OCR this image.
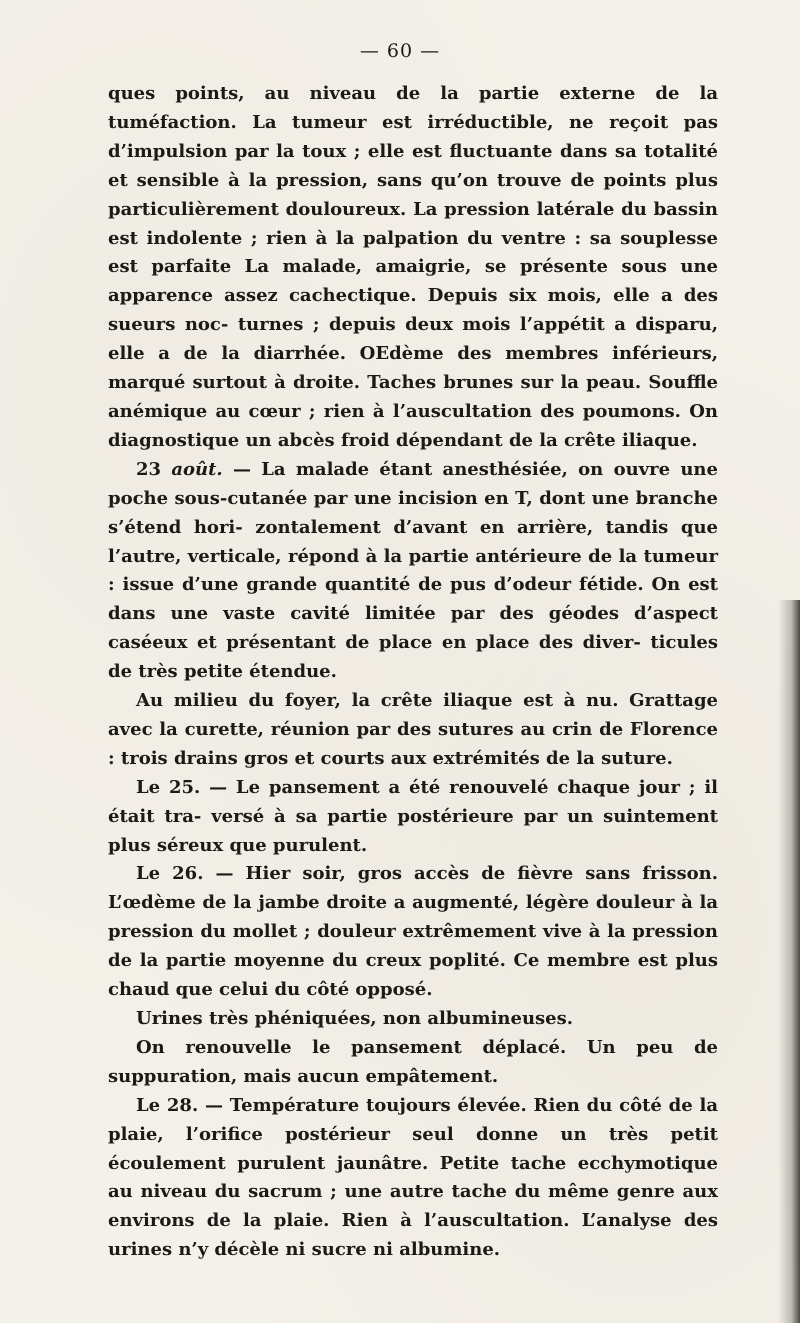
— 60 —

ques points, au niveau de la partie externe de la tuméfaction. La tumeur est irréductible, ne reçoit pas d’impulsion par la toux ; elle est fluctuante dans sa totalité et sensible à la pression, sans qu’on trouve de points plus particulièrement douloureux. La pression latérale du bassin est indolente ; rien à la palpation du ventre : sa souplesse est parfaite La malade, amaigrie, se présente sous une apparence assez cachectique. Depuis six mois, elle a des sueurs noc- turnes ; depuis deux mois l’appétit a disparu, elle a de la diarrhée. OEdème des membres inférieurs, marqué surtout à droite. Taches brunes sur la peau. Souffle anémique au cœur ; rien à l’auscultation des poumons. On diagnostique un abcès froid dépendant de la crête iliaque.

23 août. — La malade étant anesthésiée, on ouvre une poche sous-cutanée par une incision en T, dont une branche s’étend hori- zontalement d’avant en arrière, tandis que l’autre, verticale, répond à la partie antérieure de la tumeur : issue d’une grande quantité de pus d’odeur fétide. On est dans une vaste cavité limitée par des géodes d’aspect caséeux et présentant de place en place des diver- ticules de très petite étendue.

Au milieu du foyer, la crête iliaque est à nu. Grattage avec la curette, réunion par des sutures au crin de Florence : trois drains gros et courts aux extrémités de la suture.

Le 25. — Le pansement a été renouvelé chaque jour ; il était tra- versé à sa partie postérieure par un suintement plus séreux que purulent.

Le 26. — Hier soir, gros accès de fièvre sans frisson. L’œdème de la jambe droite a augmenté, légère douleur à la pression du mollet ; douleur extrêmement vive à la pression de la partie moyenne du creux poplité. Ce membre est plus chaud que celui du côté opposé.

Urines très phéniquées, non albumineuses.

On renouvelle le pansement déplacé. Un peu de suppuration, mais aucun empâtement.

Le 28. — Température toujours élevée. Rien du côté de la plaie, l’orifice postérieur seul donne un très petit écoulement purulent jaunâtre. Petite tache ecchymotique au niveau du sacrum ; une autre tache du même genre aux environs de la plaie. Rien à l’auscultation. L’analyse des urines n’y décèle ni sucre ni albumine.
